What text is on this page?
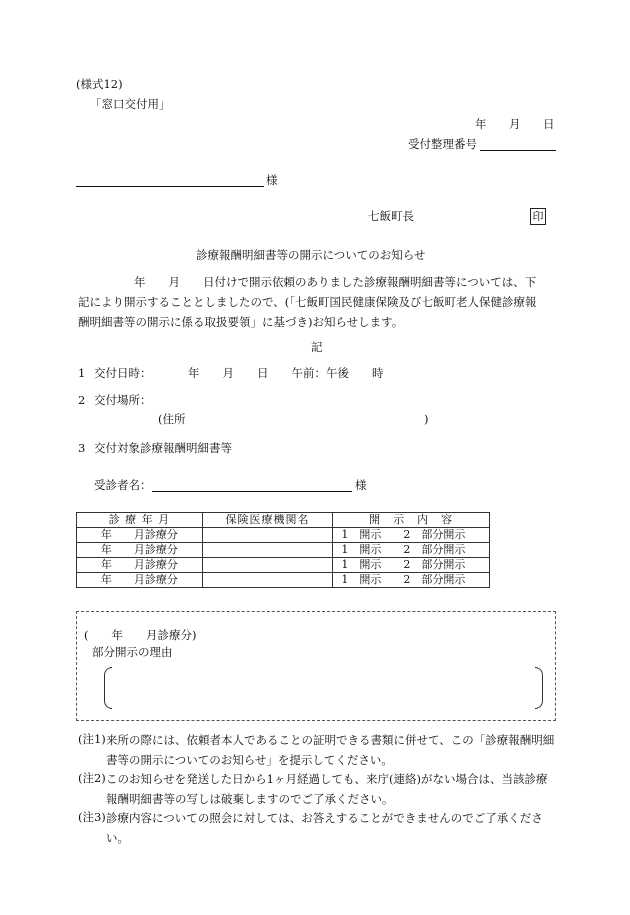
(様式12)
「窓口交付用」
年 月 日
受付整理番号
様
七飯町長	印
診療報酬明細書等の開示についてのお知らせ
年　　月　　日付けで開示依頼のありました診療報酬明細書等については、下
記により開示することとしましたので、(「七飯町国民健康保険及び七飯町老人保健診療報
酬明細書等の開示に係る取扱要領」に基づき)お知らせします。
記
1 交付日時：	年　　月　　日　　午前：午後　　時
2 交付場所：
(住所	)
3 交付対象診療報酬明細書等
受診者名：	様
診 療 年 月	保険医療機関名	開　示　内　容
年　　月診療分		1　開示　　2　部分開示
年　　月診療分		1　開示　　2　部分開示
年　　月診療分		1　開示　　2　部分開示
年　　月診療分		1　開示　　2　部分開示
(　　年　　月診療分)
部分開示の理由
(注1) 来所の際には、依頼者本人であることの証明できる書類に併せて、この「診療報酬明細書等の開示についてのお知らせ」を提示してください。
(注2) このお知らせを発送した日から1ヶ月経過しても、来庁(連絡)がない場合は、当該診療報酬明細書等の写しは破棄しますのでご了承ください。
(注3) 診療内容についての照会に対しては、お答えすることができませんのでご了承ください。
